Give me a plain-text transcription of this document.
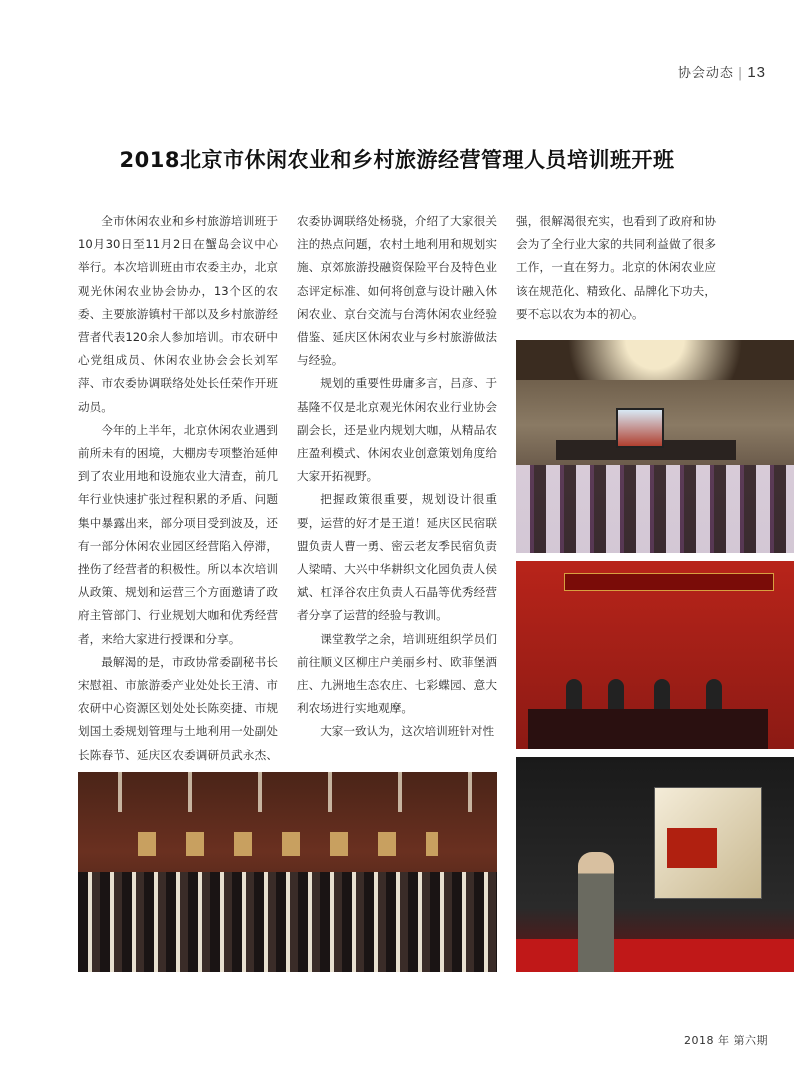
协会动态 | 13
2018北京市休闲农业和乡村旅游经营管理人员培训班开班

全市休闲农业和乡村旅游培训班于10月30日至11月2日在蟹岛会议中心举行。本次培训班由市农委主办，北京观光休闲农业协会协办，13个区的农委、主要旅游镇村干部以及乡村旅游经营者代表120余人参加培训。市农研中心党组成员、休闲农业协会会长刘军萍、市农委协调联络处处长任荣作开班动员。

今年的上半年，北京休闲农业遇到前所未有的困境，大棚房专项整治延伸到了农业用地和设施农业大清查，前几年行业快速扩张过程积累的矛盾、问题集中暴露出来，部分项目受到波及，还有一部分休闲农业园区经营陷入停滞，挫伤了经营者的积极性。所以本次培训从政策、规划和运营三个方面邀请了政府主管部门、行业规划大咖和优秀经营者，来给大家进行授课和分享。

最解渴的是，市政协常委副秘书长宋慰祖、市旅游委产业处处长王清、市农研中心资源区划处处长陈奕捷、市规划国土委规划管理与土地利用一处副处长陈春节、延庆区农委调研员武永杰、

农委协调联络处杨骁，介绍了大家很关注的热点问题，农村土地利用和规划实施、京郊旅游投融资保险平台及特色业态评定标准、如何将创意与设计融入休闲农业、京台交流与台湾休闲农业经验借鉴、延庆区休闲农业与乡村旅游做法与经验。

规划的重要性毋庸多言，吕彦、于基隆不仅是北京观光休闲农业行业协会副会长，还是业内规划大咖，从精品农庄盈利模式、休闲农业创意策划角度给大家开拓视野。

把握政策很重要，规划设计很重要，运营的好才是王道！延庆区民宿联盟负责人曹一勇、密云老友季民宿负责人梁晴、大兴中华耕织文化园负责人侯斌、杠泽谷农庄负责人石晶等优秀经营者分享了运营的经验与教训。

课堂教学之余，培训班组织学员们前往顺义区柳庄户美丽乡村、欧菲堡酒庄、九洲地生态农庄、七彩蝶园、意大利农场进行实地观摩。

大家一致认为，这次培训班针对性

强，很解渴很充实，也看到了政府和协会为了全行业大家的共同利益做了很多工作，一直在努力。北京的休闲农业应该在规范化、精致化、品牌化下功夫，要不忘以农为本的初心。

2018 年 第六期
